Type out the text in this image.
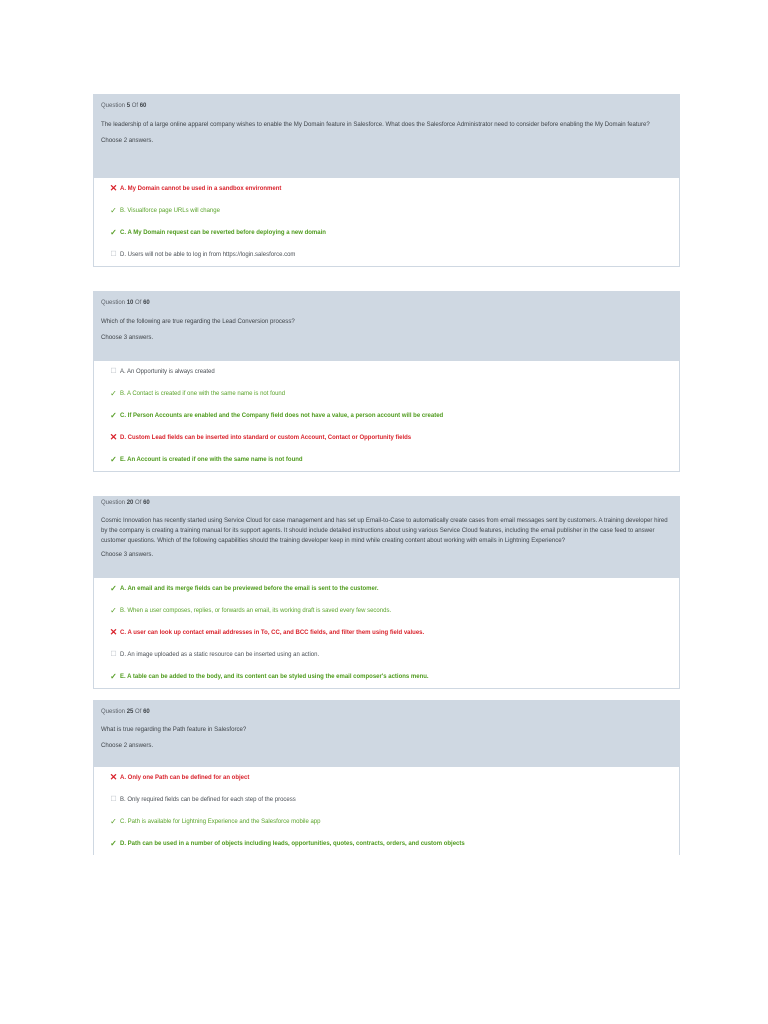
Question 5 Of 60
The leadership of a large online apparel company wishes to enable the My Domain feature in Salesforce. What does the Salesforce Administrator need to consider before enabling the My Domain feature?
Choose 2 answers.
✕ A. My Domain cannot be used in a sandbox environment
✓ B. Visualforce page URLs will change
✓ C. A My Domain request can be reverted before deploying a new domain
☐ D. Users will not be able to log in from https://login.salesforce.com
Question 10 Of 60
Which of the following are true regarding the Lead Conversion process?
Choose 3 answers.
☐ A. An Opportunity is always created
✓ B. A Contact is created if one with the same name is not found
✓ C. If Person Accounts are enabled and the Company field does not have a value, a person account will be created
✕ D. Custom Lead fields can be inserted into standard or custom Account, Contact or Opportunity fields
✓ E. An Account is created if one with the same name is not found
Question 20 Of 60
Cosmic Innovation has recently started using Service Cloud for case management and has set up Email-to-Case to automatically create cases from email messages sent by customers. A training developer hired by the company is creating a training manual for its support agents. It should include detailed instructions about using various Service Cloud features, including the email publisher in the case feed to answer customer questions. Which of the following capabilities should the training developer keep in mind while creating content about working with emails in Lightning Experience?
Choose 3 answers.
✓ A. An email and its merge fields can be previewed before the email is sent to the customer.
✓ B. When a user composes, replies, or forwards an email, its working draft is saved every few seconds.
✕ C. A user can look up contact email addresses in To, CC, and BCC fields, and filter them using field values.
☐ D. An image uploaded as a static resource can be inserted using an action.
✓ E. A table can be added to the body, and its content can be styled using the email composer's actions menu.
Question 25 Of 60
What is true regarding the Path feature in Salesforce?
Choose 2 answers.
✕ A. Only one Path can be defined for an object
☐ B. Only required fields can be defined for each step of the process
✓ C. Path is available for Lightning Experience and the Salesforce mobile app
✓ D. Path can be used in a number of objects including leads, opportunities, quotes, contracts, orders, and custom objects
